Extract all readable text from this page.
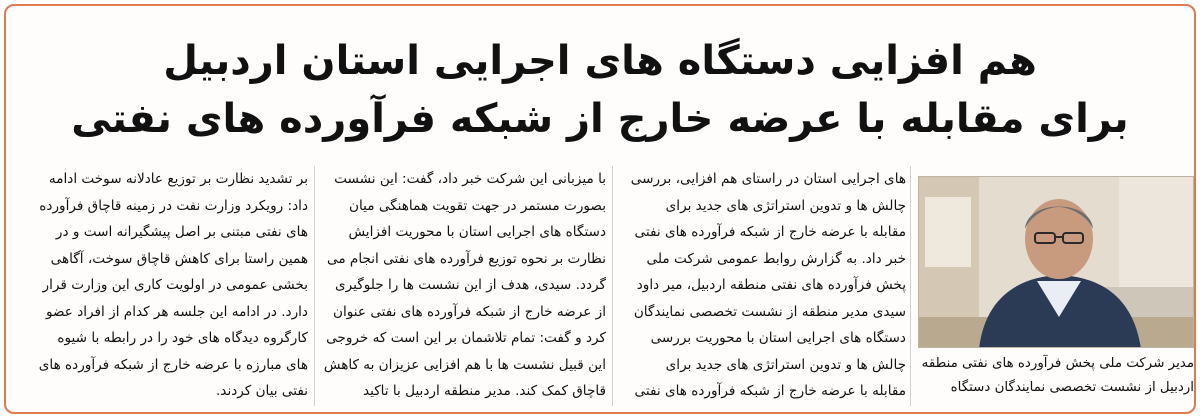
هم افزایی دستگاه های اجرایی استان اردبیل
برای مقابله با عرضه خارج از شبکه فرآورده های نفتی

های اجرایی استان در راستای هم افزایی، بررسی

چالش ها و تدوین استراتژی های جدید برای

مقابله با عرضه خارج از شبکه فرآورده های نفتی

خبر داد. به گزارش روابط عمومی شرکت ملی

پخش فرآورده های نفتی منطقه اردبیل، میر داود

سیدی مدیر منطقه از نشست تخصصی نمایندگان

دستگاه های اجرایی استان با محوریت بررسی

چالش ها و تدوین استراتژی های جدید برای

مقابله با عرضه خارج از شبکه فرآورده های نفتی

با میزبانی این شرکت خبر داد، گفت: این نشست

بصورت مستمر در جهت تقویت هماهنگی میان

دستگاه های اجرایی استان با محوریت افزایش

نظارت بر نحوه توزیع فرآورده های نفتی انجام می

گردد. سیدی، هدف از این نشست ها را جلوگیری

از عرضه خارج از شبکه فرآورده های نفتی عنوان

کرد و گفت: تمام تلاشمان بر این است که خروجی

این قبیل نشست ها با هم افزایی عزیزان به کاهش

قاچاق کمک کند. مدیر منطقه اردبیل با تاکید

بر تشدید نظارت بر توزیع عادلانه سوخت ادامه

داد: رویکرد وزارت نفت در زمینه قاچاق فرآورده

های نفتی مبتنی بر اصل پیشگیرانه است و در

همین راستا برای کاهش قاچاق سوخت، آگاهی

بخشی عمومی در اولویت کاری این وزارت قرار

دارد. در ادامه این جلسه هر کدام از افراد عضو

کارگروه دیدگاه های خود را در رابطه با شیوه

های مبارزه با عرضه خارج از شبکه فرآورده های

نفتی بیان کردند.

مدیر شرکت ملی پخش فرآورده های نفتی منطقه

اردبیل از نشست تخصصی نمایندگان دستگاه
